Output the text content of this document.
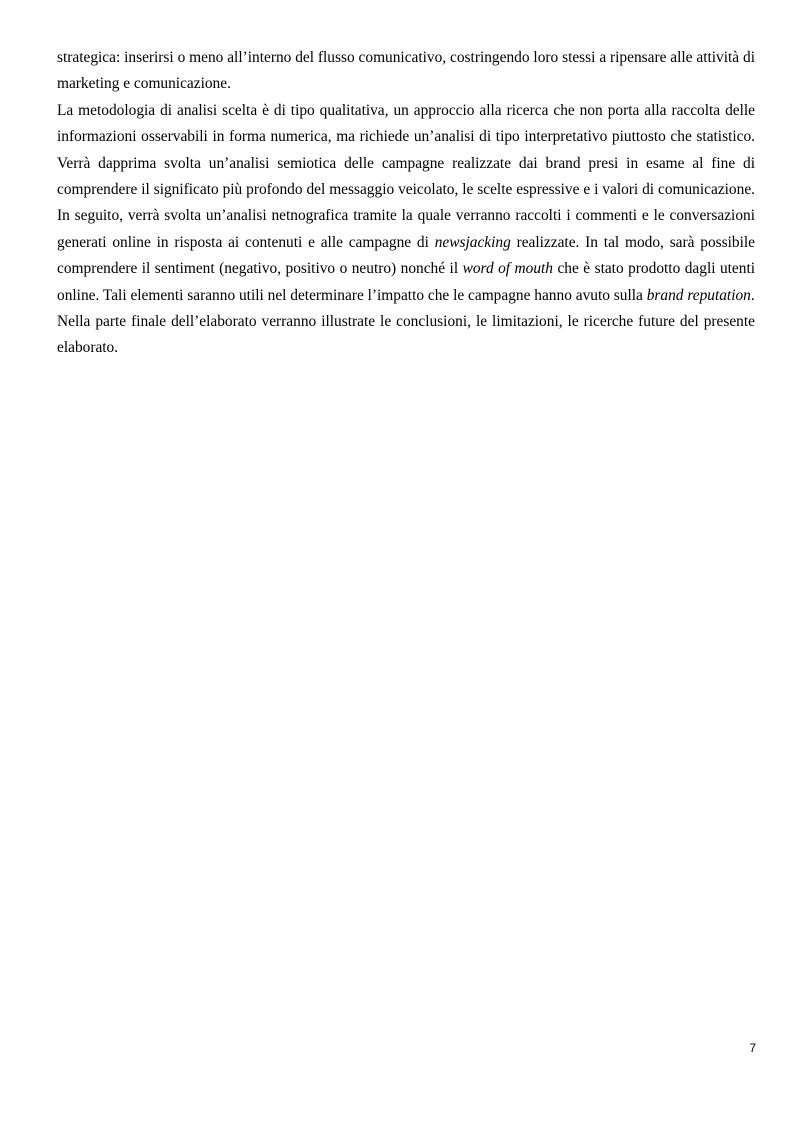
strategica: inserirsi o meno all’interno del flusso comunicativo, costringendo loro stessi a ripensare alle attività di marketing e comunicazione.

La metodologia di analisi scelta è di tipo qualitativa, un approccio alla ricerca che non porta alla raccolta delle informazioni osservabili in forma numerica, ma richiede un’analisi di tipo interpretativo piuttosto che statistico. Verrà dapprima svolta un’analisi semiotica delle campagne realizzate dai brand presi in esame al fine di comprendere il significato più profondo del messaggio veicolato, le scelte espressive e i valori di comunicazione. In seguito, verrà svolta un’analisi netnografica tramite la quale verranno raccolti i commenti e le conversazioni generati online in risposta ai contenuti e alle campagne di newsjacking realizzate. In tal modo, sarà possibile comprendere il sentiment (negativo, positivo o neutro) nonché il word of mouth che è stato prodotto dagli utenti online. Tali elementi saranno utili nel determinare l’impatto che le campagne hanno avuto sulla brand reputation.

Nella parte finale dell’elaborato verranno illustrate le conclusioni, le limitazioni, le ricerche future del presente elaborato.

7
